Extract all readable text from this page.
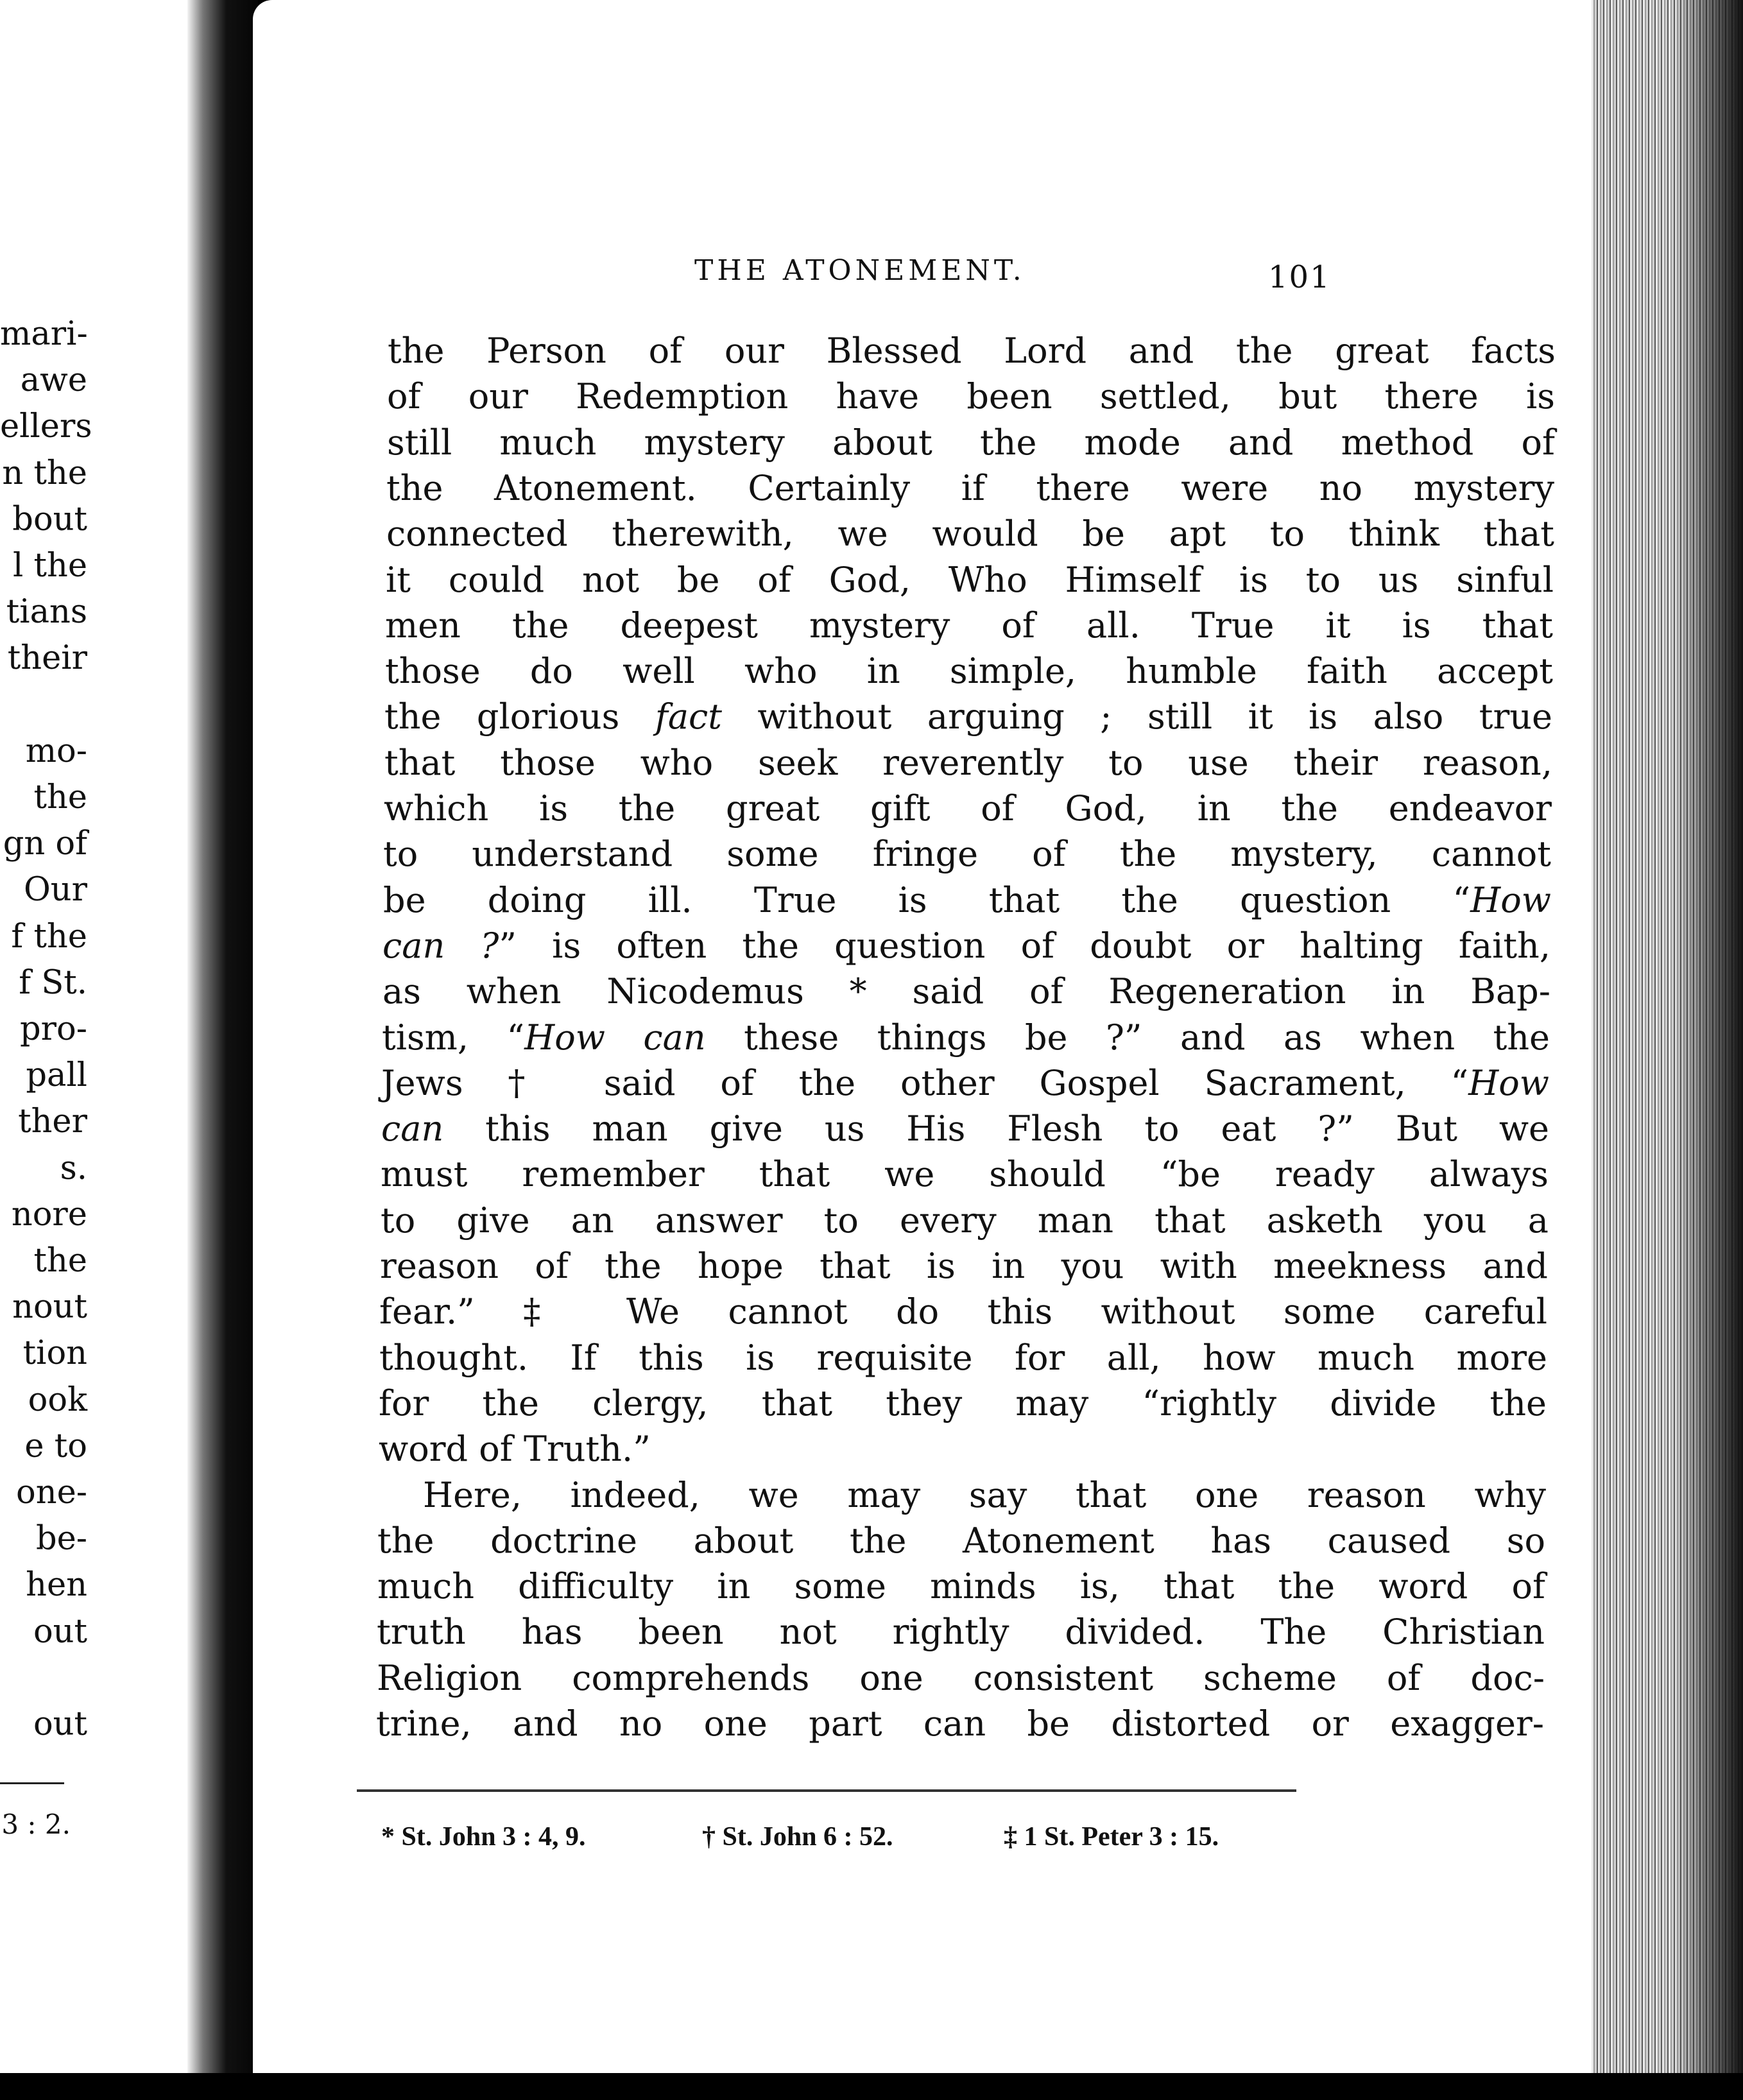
mari-
awe
ellers
n the
bout
l the
tians
their
mo-
the
gn of
Our
f the
f St.
pro-
pall
ther
s.
nore
the
nout
tion
ook
e to
one-
be-
hen
out
out
3 : 2.
THE ATONEMENT.	101
* St. John 3 : 4, 9.	† St. John 6 : 52.	‡ 1 St. Peter 3 : 15.
the Person of our Blessed Lord and the great facts
of our Redemption have been settled, but there is
still much mystery about the mode and method of
the Atonement. Certainly if there were no mystery
connected therewith, we would be apt to think that
it could not be of God, Who Himself is to us sinful
men the deepest mystery of all. True it is that
those do well who in simple, humble faith accept
the glorious fact without arguing ; still it is also true
that those who seek reverently to use their reason,
which is the great gift of God, in the endeavor
to understand some fringe of the mystery, cannot
be doing ill. True is that the question “How
can ?” is often the question of doubt or halting faith,
as when Nicodemus * said of Regeneration in Bap-
tism, “How can these things be ?” and as when the
Jews † said of the other Gospel Sacrament, “How
can this man give us His Flesh to eat ?” But we
must remember that we should “be ready always
to give an answer to every man that asketh you a
reason of the hope that is in you with meekness and
fear.” ‡ We cannot do this without some careful
thought. If this is requisite for all, how much more
for the clergy, that they may “rightly divide the
word of Truth.”
Here, indeed, we may say that one reason why
the doctrine about the Atonement has caused so
much difficulty in some minds is, that the word of
truth has been not rightly divided. The Christian
Religion comprehends one consistent scheme of doc-
trine, and no one part can be distorted or exagger-
